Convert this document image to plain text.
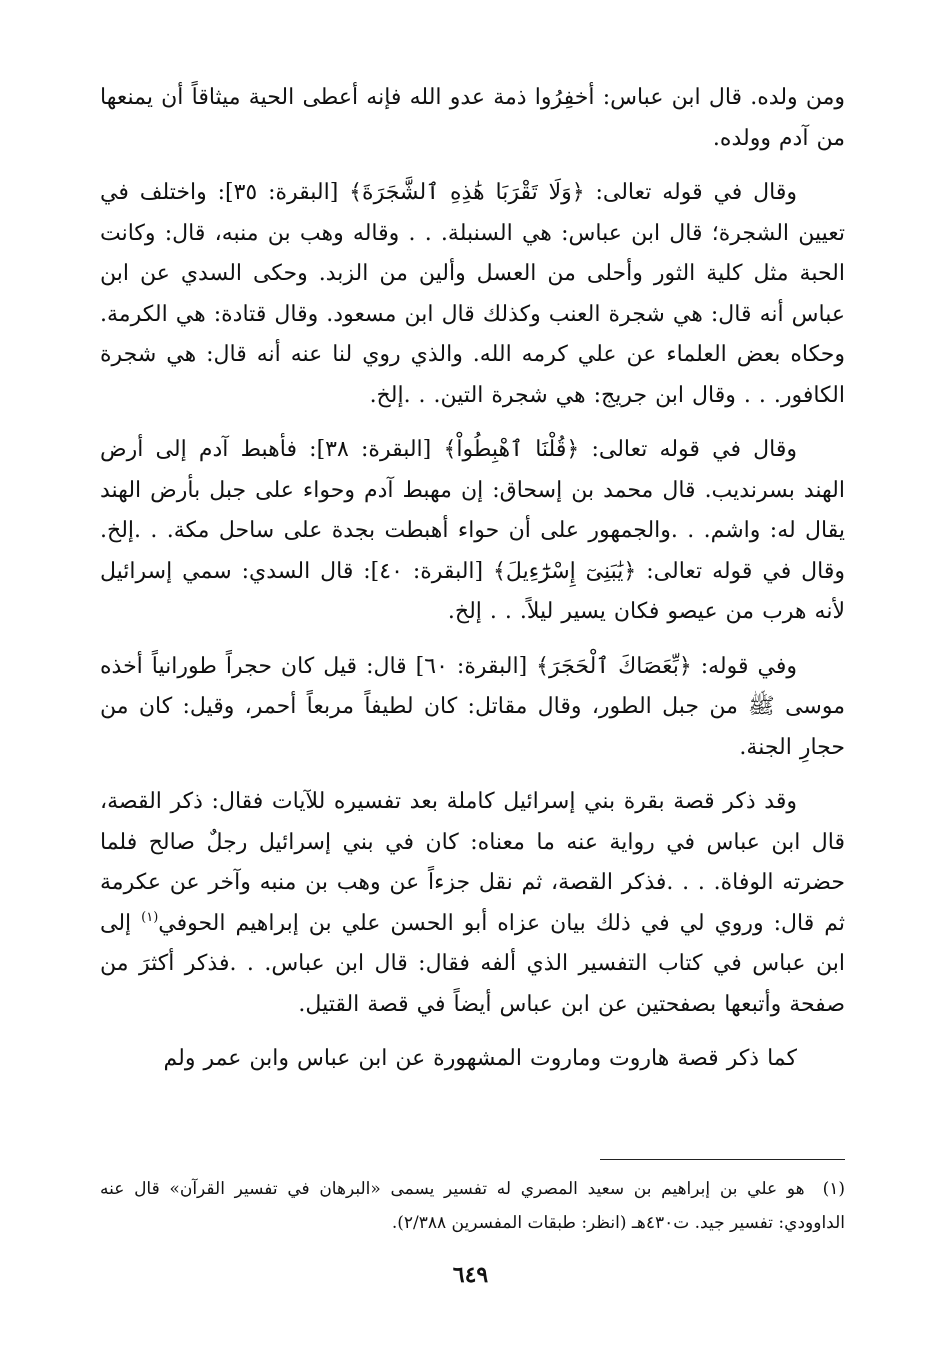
ومن ولده. قال ابن عباس: أخفِرُوا ذمة عدو الله فإنه أعطى الحية ميثاقاً أن يمنعها من آدم وولده.

وقال في قوله تعالى: ﴿وَلَا تَقْرَبَا هَٰذِهِ ٱلشَّجَرَةَ﴾ [البقرة: ٣٥]: واختلف في تعيين الشجرة؛ قال ابن عباس: هي السنبلة. . . وقاله وهب بن منبه، قال: وكانت الحبة مثل كلية الثور وأحلى من العسل وألين من الزبد. وحكى السدي عن ابن عباس أنه قال: هي شجرة العنب وكذلك قال ابن مسعود. وقال قتادة: هي الكرمة. وحكاه بعض العلماء عن علي كرمه الله. والذي روي لنا عنه أنه قال: هي شجرة الكافور. . . وقال ابن جريج: هي شجرة التين. . .إلخ.

وقال في قوله تعالى: ﴿قُلْنَا ٱهْبِطُواْ﴾ [البقرة: ٣٨]: فأهبط آدم إلى أرض الهند بسرنديب. قال محمد بن إسحاق: إن مهبط آدم وحواء على جبل بأرض الهند يقال له: واشم. . .والجمهور على أن حواء أهبطت بجدة على ساحل مكة. . .إلخ. وقال في قوله تعالى: ﴿يَٰبَنِىٓ إِسْرَٰٓءِيلَ﴾ [البقرة: ٤٠]: قال السدي: سمي إسرائيل لأنه هرب من عيصو فكان يسير ليلاً. . . إلخ.

وفي قوله: ﴿بِّعَصَاكَ ٱلْحَجَرَ﴾ [البقرة: ٦٠] قال: قيل كان حجراً طورانياً أخذه موسى ﷺ من جبل الطور، وقال مقاتل: كان لطيفاً مربعاً أحمر، وقيل: كان من حجارِ الجنة.

وقد ذكر قصة بقرة بني إسرائيل كاملة بعد تفسيره للآيات فقال: ذكر القصة، قال ابن عباس في رواية عنه ما معناه: كان في بني إسرائيل رجلٌ صالح فلما حضرته الوفاة. . . .فذكر القصة، ثم نقل جزءاً عن وهب بن منبه وآخر عن عكرمة ثم قال: وروي لي في ذلك بيان عزاه أبو الحسن علي بن إبراهيم الحوفي$^{(١)}$ إلى ابن عباس في كتاب التفسير الذي ألفه فقال: قال ابن عباس. . .فذكر أكثرَ من صفحة وأتبعها بصفحتين عن ابن عباس أيضاً في قصة القتيل.

كما ذكر قصة هاروت وماروت المشهورة عن ابن عباس وابن عمر ولم

(١)هو علي بن إبراهيم بن سعيد المصري له تفسير يسمى «البرهان في تفسير القرآن» قال عنه الداوودي: تفسير جيد. ت٤٣٠هـ (انظر: طبقات المفسرين ٢/٣٨٨).
٦٤٩
